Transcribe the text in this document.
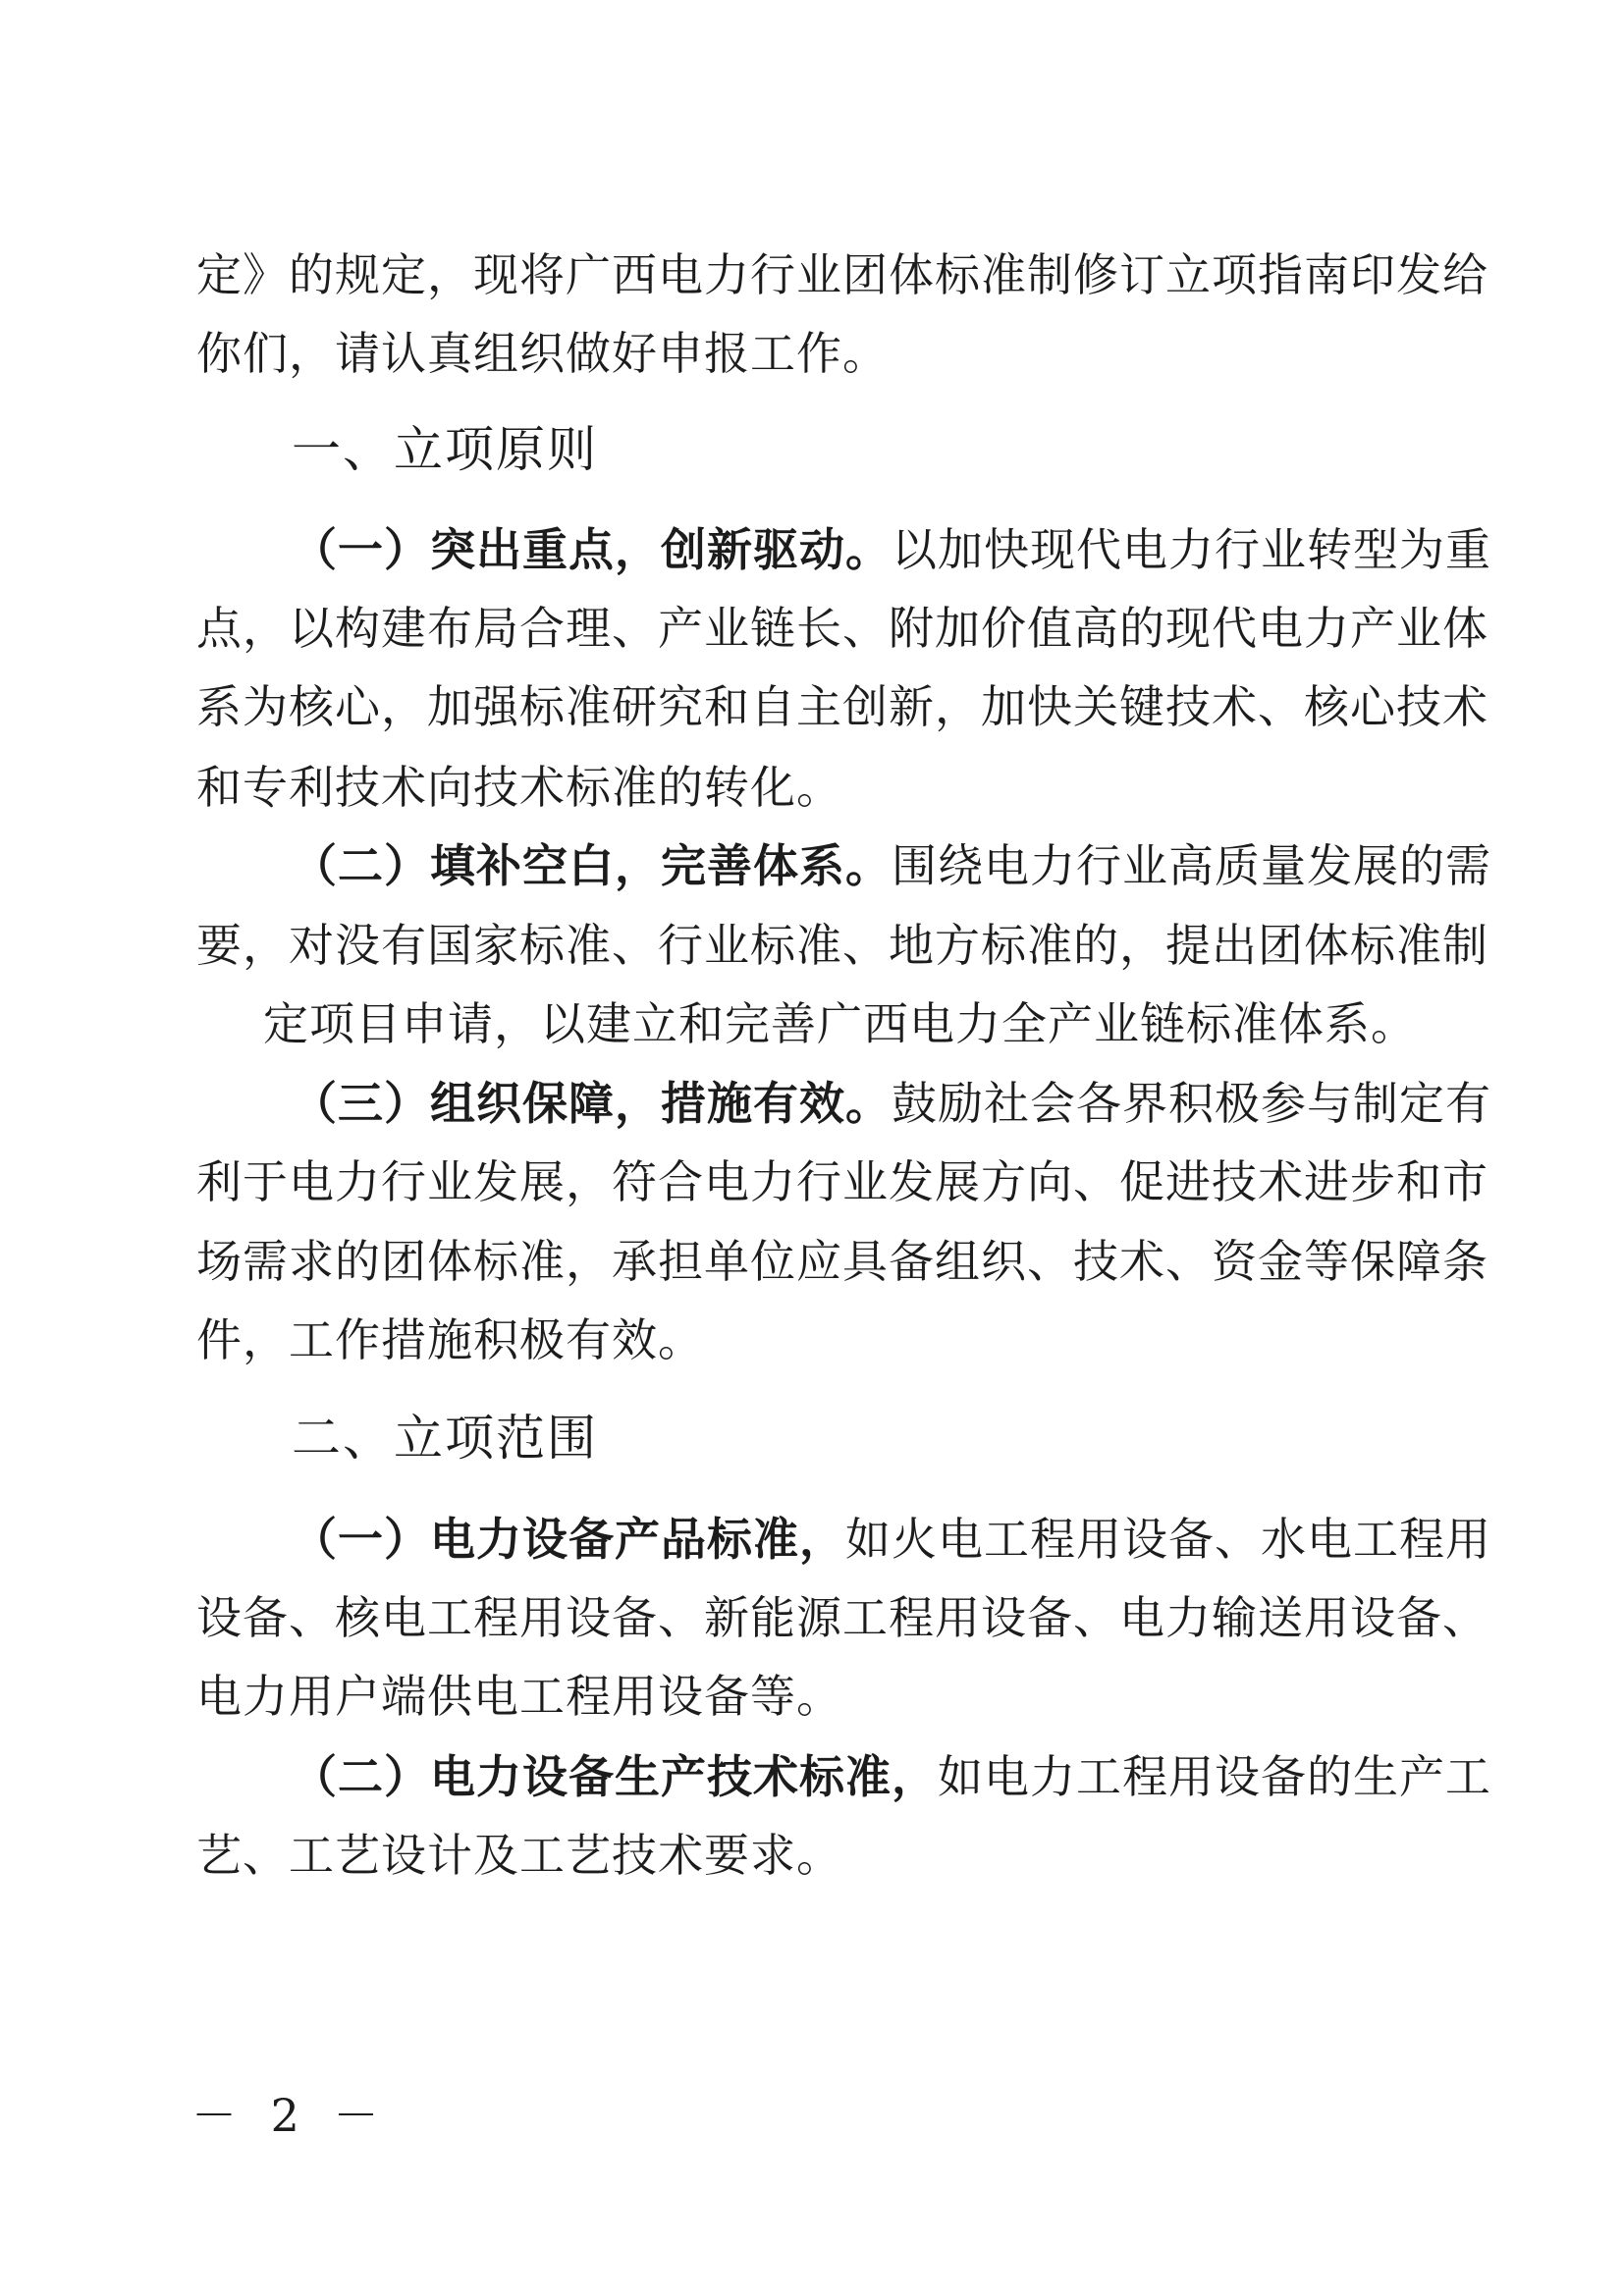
定》的规定，现将广西电力行业团体标准制修订立项指南印发给
你们，请认真组织做好申报工作。
一、立项原则
（一）突出重点，创新驱动。以加快现代电力行业转型为重
点，以构建布局合理、产业链长、附加价值高的现代电力产业体
系为核心，加强标准研究和自主创新，加快关键技术、核心技术
和专利技术向技术标准的转化。
（二）填补空白，完善体系。围绕电力行业高质量发展的需
要，对没有国家标准、行业标准、地方标准的，提出团体标准制
定项目申请，以建立和完善广西电力全产业链标准体系。
（三）组织保障，措施有效。鼓励社会各界积极参与制定有
利于电力行业发展，符合电力行业发展方向、促进技术进步和市
场需求的团体标准，承担单位应具备组织、技术、资金等保障条
件，工作措施积极有效。
二、立项范围
（一）电力设备产品标准，如火电工程用设备、水电工程用
设备、核电工程用设备、新能源工程用设备、电力输送用设备、
电力用户端供电工程用设备等。
（二）电力设备生产技术标准，如电力工程用设备的生产工
艺、工艺设计及工艺技术要求。
－ 2 －
